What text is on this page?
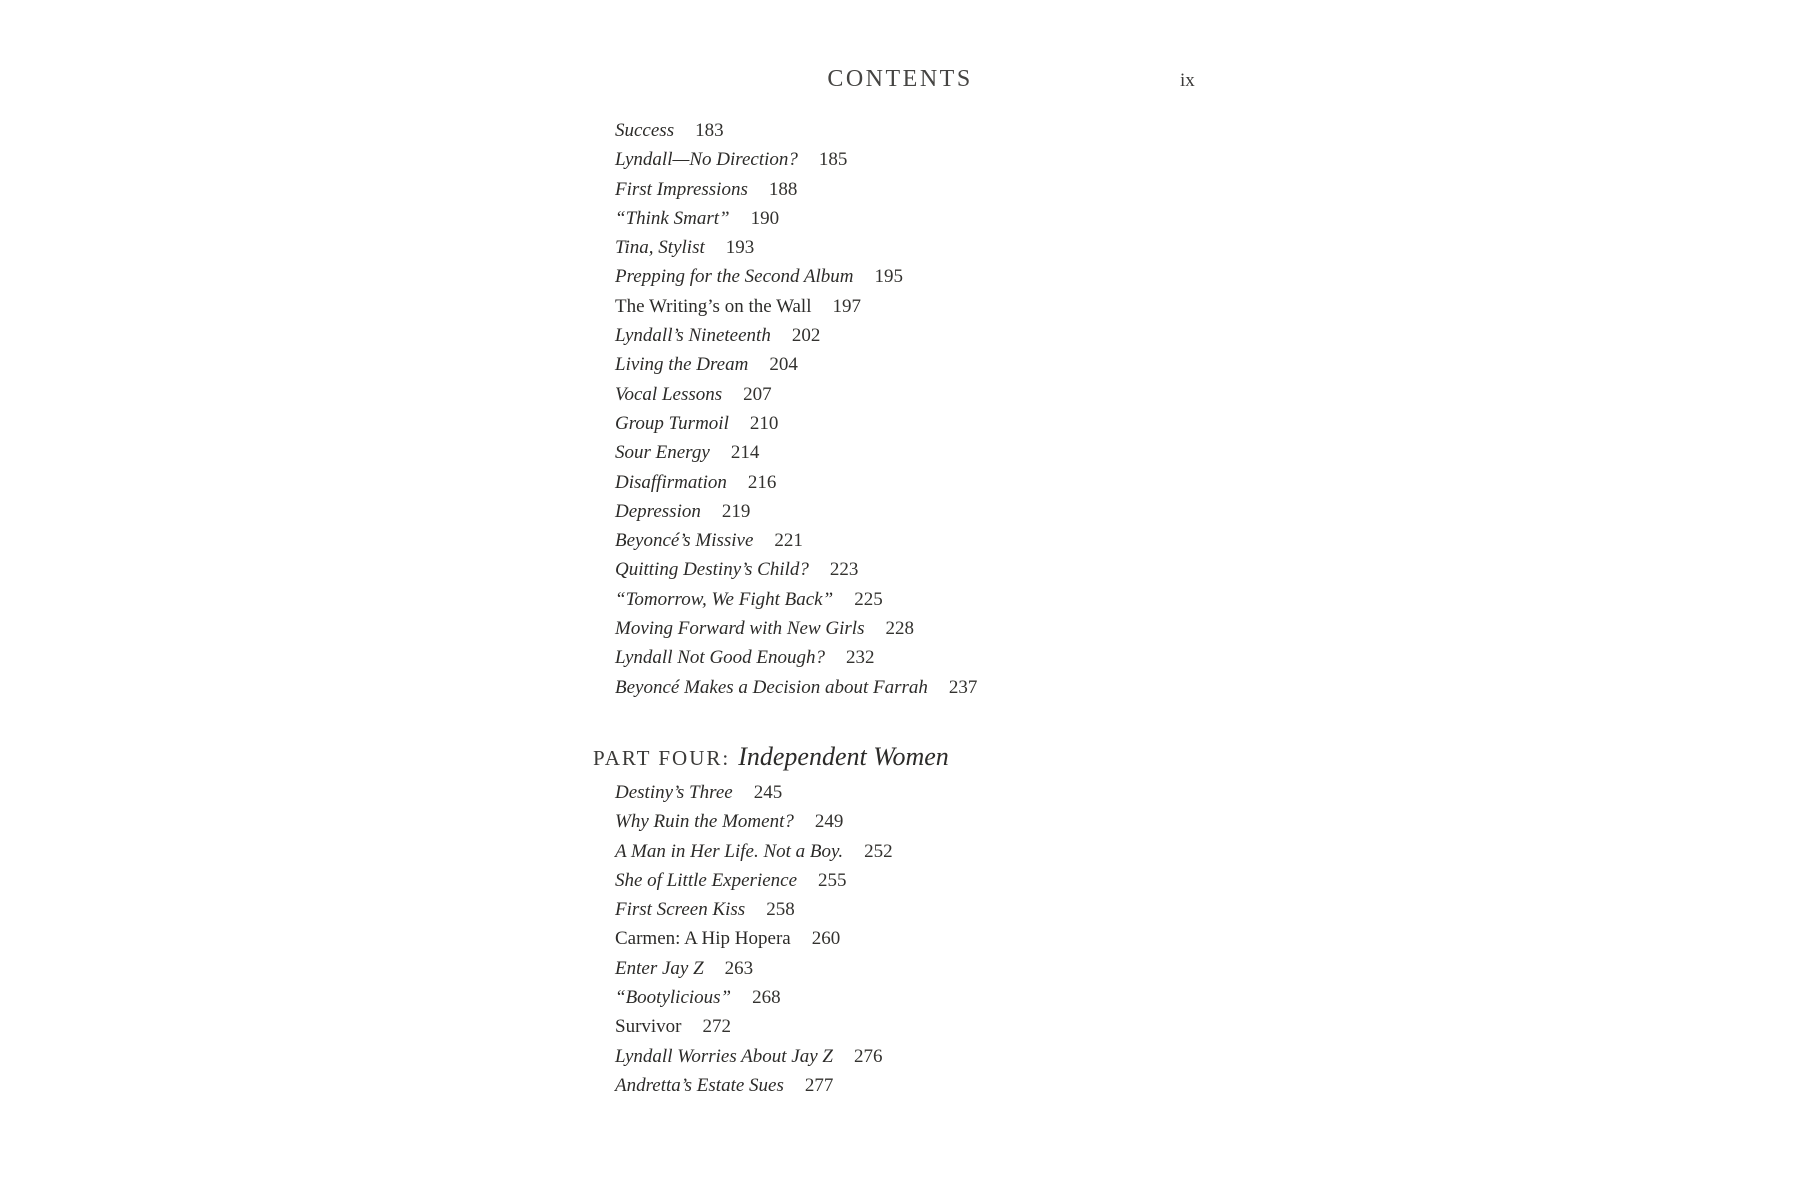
CONTENTS	ix
Success 183
Lyndall—No Direction? 185
First Impressions 188
“Think Smart” 190
Tina, Stylist 193
Prepping for the Second Album 195
The Writing’s on the Wall 197
Lyndall’s Nineteenth 202
Living the Dream 204
Vocal Lessons 207
Group Turmoil 210
Sour Energy 214
Disaffirmation 216
Depression 219
Beyoncé’s Missive 221
Quitting Destiny’s Child? 223
“Tomorrow, We Fight Back” 225
Moving Forward with New Girls 228
Lyndall Not Good Enough? 232
Beyoncé Makes a Decision about Farrah 237
PART FOUR: Independent Women
Destiny’s Three 245
Why Ruin the Moment? 249
A Man in Her Life. Not a Boy. 252
She of Little Experience 255
First Screen Kiss 258
Carmen: A Hip Hopera 260
Enter Jay Z 263
“Bootylicious” 268
Survivor 272
Lyndall Worries About Jay Z 276
Andretta’s Estate Sues 277
